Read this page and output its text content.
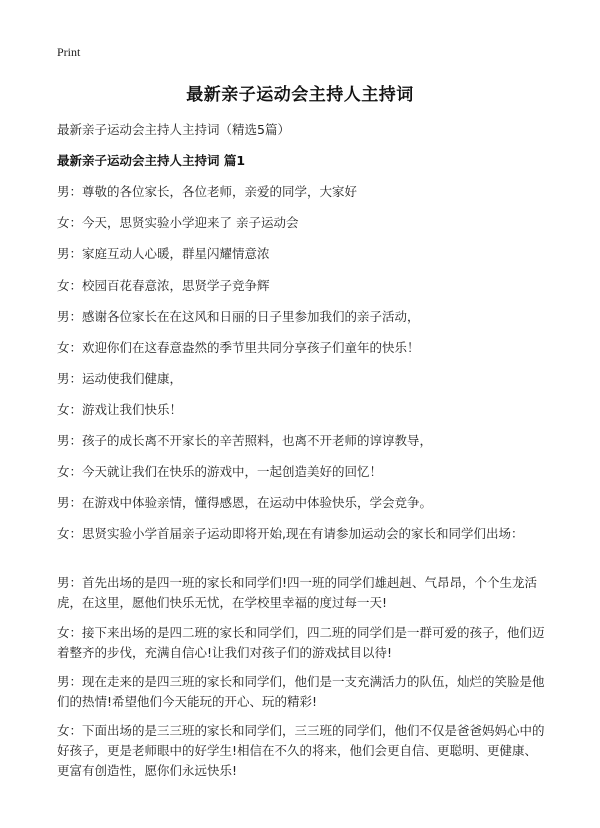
Print
最新亲子运动会主持人主持词
最新亲子运动会主持人主持词（精选5篇）
最新亲子运动会主持人主持词 篇1
男：尊敬的各位家长，各位老师，亲爱的同学，大家好
女：今天，思贤实验小学迎来了 亲子运动会
男：家庭互动人心暖，群星闪耀情意浓
女：校园百花春意浓，思贤学子竞争辉
男：感谢各位家长在在这风和日丽的日子里参加我们的亲子活动，
女：欢迎你们在这春意盎然的季节里共同分享孩子们童年的快乐！
男：运动使我们健康，
女：游戏让我们快乐！
男：孩子的成长离不开家长的辛苦照料，也离不开老师的谆谆教导，
女：今天就让我们在快乐的游戏中，一起创造美好的回忆！
男：在游戏中体验亲情，懂得感恩，在运动中体验快乐，学会竞争。
女：思贤实验小学首届亲子运动即将开始,现在有请参加运动会的家长和同学们出场：
男：首先出场的是四一班的家长和同学们!四一班的同学们雄赳赳、气昂昂，个个生龙活虎，在这里，愿他们快乐无忧，在学校里幸福的度过每一天!
女：接下来出场的是四二班的家长和同学们，四二班的同学们是一群可爱的孩子，他们迈着整齐的步伐，充满自信心!让我们对孩子们的游戏拭目以待!
男：现在走来的是四三班的家长和同学们，他们是一支充满活力的队伍，灿烂的笑脸是他们的热情!希望他们今天能玩的开心、玩的精彩!
女：下面出场的是三三班的家长和同学们，三三班的同学们，他们不仅是爸爸妈妈心中的好孩子，更是老师眼中的好学生!相信在不久的将来，他们会更自信、更聪明、更健康、更富有创造性，愿你们永远快乐!
